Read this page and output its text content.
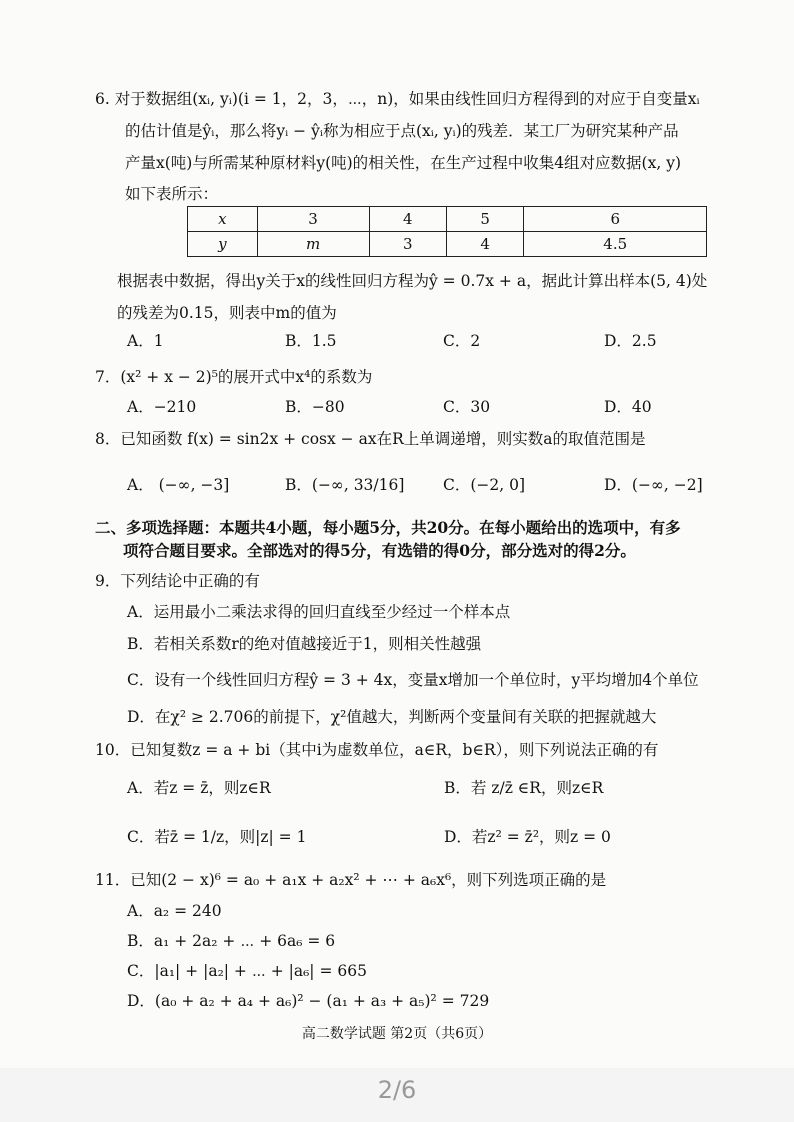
6. 对于数据组(xᵢ, yᵢ)(i = 1，2，3，⋯，n)，如果由线性回归方程得到的对应于自变量xᵢ
的估计值是ŷᵢ，那么将yᵢ − ŷᵢ称为相应于点(xᵢ, yᵢ)的残差．某工厂为研究某种产品
产量x(吨)与所需某种原材料y(吨)的相关性，在生产过程中收集4组对应数据(x, y)
如下表所示：
x	3	4	5	6
y	m	3	4	4.5
根据表中数据，得出y关于x的线性回归方程为ŷ = 0.7x + a，据此计算出样本(5, 4)处
的残差为0.15，则表中m的值为
A．1	B．1.5	C．2	D．2.5
7．(x² + x − 2)⁵的展开式中x⁴的系数为
A．−210	B．−80	C．30	D．40
8．已知函数 f(x) = sin2x + cosx − ax在R上单调递增，则实数a的取值范围是
A． (−∞, −3]	B．(−∞, 33/16] C．(−2, 0]	D．(−∞, −2]
二、多项选择题：本题共4小题，每小题5分，共20分。在每小题给出的选项中，有多
项符合题目要求。全部选对的得5分，有选错的得0分，部分选对的得2分。
9．下列结论中正确的有
A．运用最小二乘法求得的回归直线至少经过一个样本点
B．若相关系数r的绝对值越接近于1，则相关性越强
C．设有一个线性回归方程ŷ = 3 + 4x，变量x增加一个单位时，y平均增加4个单位
D．在χ² ≥ 2.706的前提下，χ²值越大，判断两个变量间有关联的把握就越大
10．已知复数z = a + bi（其中i为虚数单位，a∈R，b∈R），则下列说法正确的有
A．若z = z̄，则z∈R	B．若 z/z̄ ∈R，则z∈R
C．若z̄ = 1/z，则|z| = 1	D．若z² = z̄²，则z = 0
11．已知(2 − x)⁶ = a₀ + a₁x + a₂x² + ⋯ + a₆x⁶，则下列选项正确的是
A．a₂ = 240
B．a₁ + 2a₂ + ⋯ + 6a₆ = 6
C．|a₁| + |a₂| + ⋯ + |a₆| = 665
D．(a₀ + a₂ + a₄ + a₆)² − (a₁ + a₃ + a₅)² = 729
高二数学试题 第2页（共6页）
2/6
